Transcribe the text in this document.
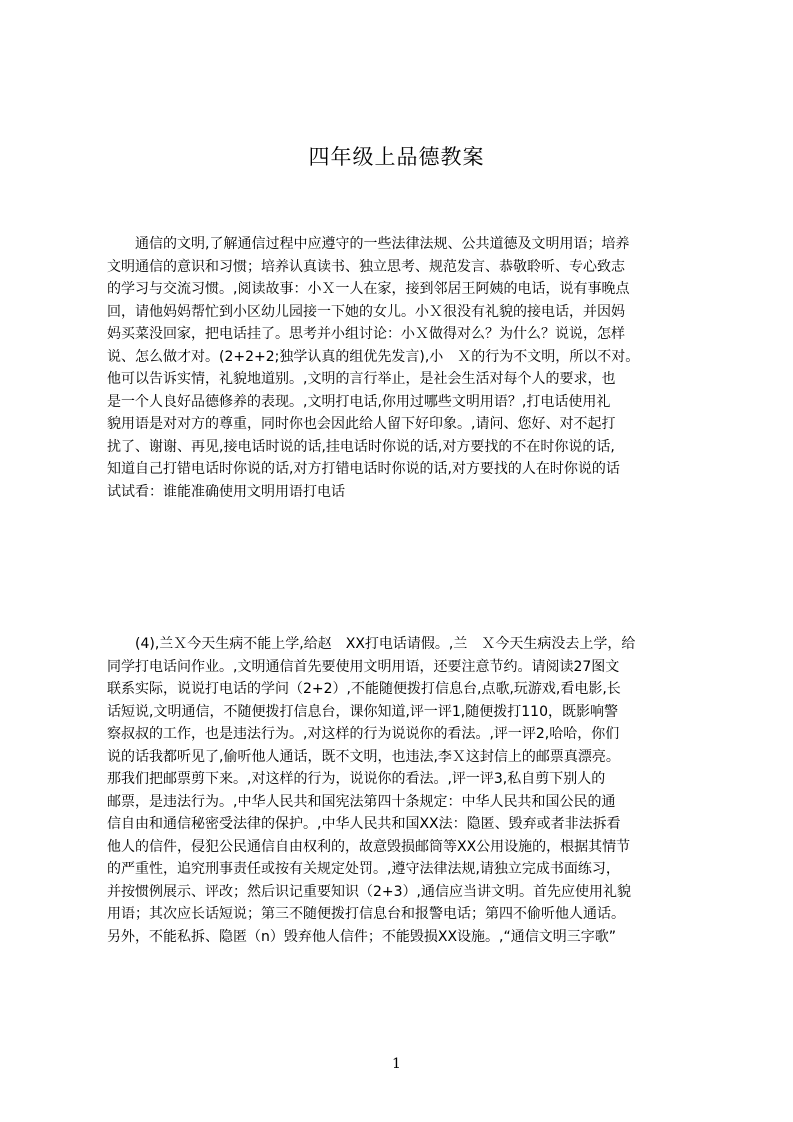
四年级上品德教案
　　通信的文明,了解通信过程中应遵守的一些法律法规、公共道德及文明用语；培养
文明通信的意识和习惯；培养认真读书、独立思考、规范发言、恭敬聆听、专心致志
的学习与交流习惯。,阅读故事：小Ｘ一人在家，接到邻居王阿姨的电话，说有事晚点
回，请他妈妈帮忙到小区幼儿园接一下她的女儿。小Ｘ很没有礼貌的接电话，并因妈
妈买菜没回家，把电话挂了。思考并小组讨论：小Ｘ做得对么？为什么？说说，怎样
说、怎么做才对。(2+2+2;独学认真的组优先发言),小　Ｘ的行为不文明，所以不对。
他可以告诉实情，礼貌地道别。,文明的言行举止，是社会生活对每个人的要求，也
是一个人良好品德修养的表现。,文明打电话,你用过哪些文明用语？,打电话使用礼
貌用语是对对方的尊重，同时你也会因此给人留下好印象。,请问、您好、对不起打
扰了、谢谢、再见,接电话时说的话,挂电话时你说的话,对方要找的不在时你说的话,
知道自己打错电话时你说的话,对方打错电话时你说的话,对方要找的人在时你说的话
试试看：谁能准确使用文明用语打电话
　　(4),兰Ｘ今天生病不能上学,给赵　XX打电话请假。,兰　Ｘ今天生病没去上学，给
同学打电话问作业。,文明通信首先要使用文明用语，还要注意节约。请阅读27图文
联系实际，说说打电话的学问（2+2）,不能随便拨打信息台,点歌,玩游戏,看电影,长
话短说,文明通信，不随便拨打信息台，课你知道,评一评1,随便拨打110，既影响警
察叔叔的工作，也是违法行为。,对这样的行为说说你的看法。,评一评2,哈哈，你们
说的话我都听见了,偷听他人通话，既不文明，也违法,李Ｘ这封信上的邮票真漂亮。
那我们把邮票剪下来。,对这样的行为，说说你的看法。,评一评3,私自剪下别人的
邮票，是违法行为。,中华人民共和国宪法第四十条规定：中华人民共和国公民的通
信自由和通信秘密受法律的保护。,中华人民共和国XX法：隐匿、毁弃或者非法拆看
他人的信件，侵犯公民通信自由权利的，故意毁损邮筒等XX公用设施的，根据其情节
的严重性，追究刑事责任或按有关规定处罚。,遵守法律法规,请独立完成书面练习，
并按惯例展示、评改；然后识记重要知识（2+3）,通信应当讲文明。首先应使用礼貌
用语；其次应长话短说；第三不随便拨打信息台和报警电话；第四不偷听他人通话。
另外，不能私拆、隐匿（n）毁弃他人信件；不能毁损XX设施。,“通信文明三字歌”
1
